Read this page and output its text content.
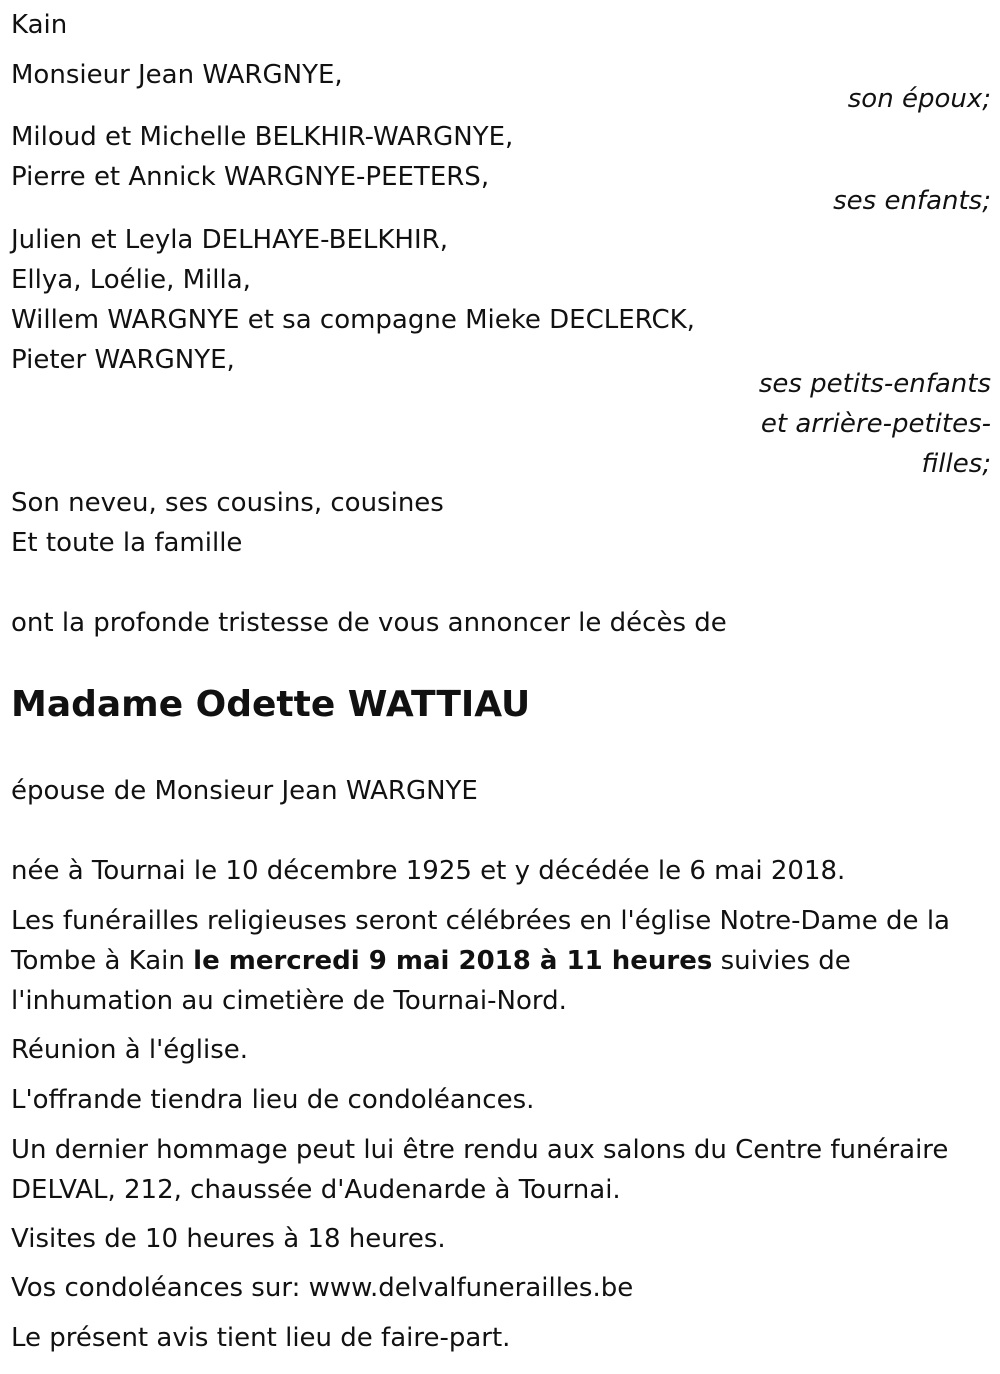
Kain
Monsieur Jean WARGNYE,
son époux;
Miloud et Michelle BELKHIR-WARGNYE,
Pierre et Annick WARGNYE-PEETERS,
ses enfants;
Julien et Leyla DELHAYE-BELKHIR,
Ellya, Loélie, Milla,
Willem WARGNYE et sa compagne Mieke DECLERCK,
Pieter WARGNYE,
ses petits-enfants
et arrière-petites-
filles;
Son neveu, ses cousins, cousines
Et toute la famille
ont la profonde tristesse de vous annoncer le décès de
Madame Odette WATTIAU
épouse de Monsieur Jean WARGNYE
née à Tournai le 10 décembre 1925 et y décédée le 6 mai 2018.

Les funérailles religieuses seront célébrées en l'église Notre-Dame de la Tombe à Kain le mercredi 9 mai 2018 à 11 heures suivies de l'inhumation au cimetière de Tournai-Nord.

Réunion à l'église.
L'offrande tiendra lieu de condoléances.

Un dernier hommage peut lui être rendu aux salons du Centre funéraire DELVAL, 212, chaussée d'Audenarde à Tournai.

Visites de 10 heures à 18 heures.
Vos condoléances sur: www.delvalfunerailles.be
Le présent avis tient lieu de faire-part.
